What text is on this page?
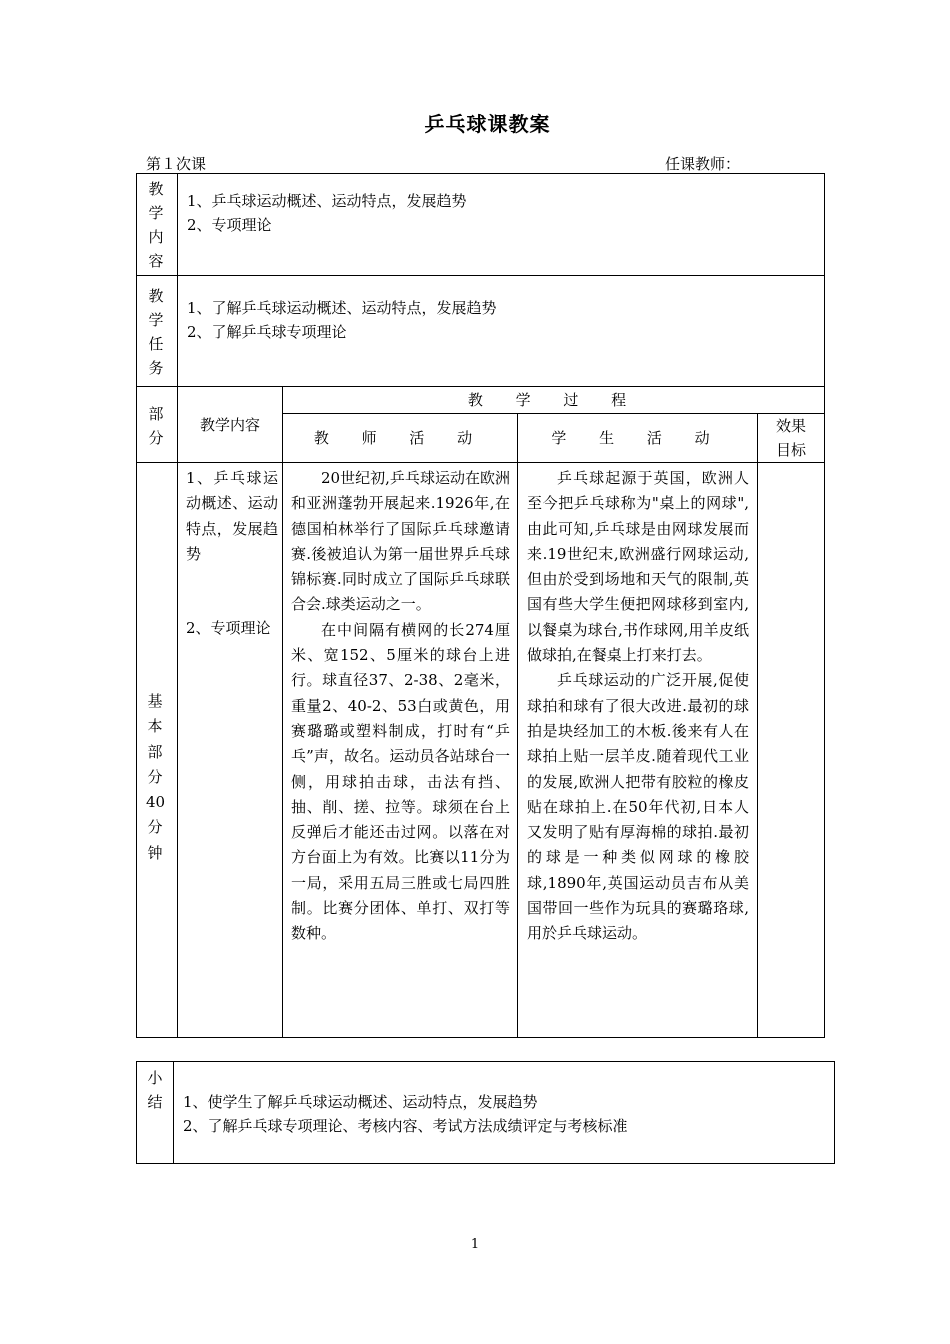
乒乓球课教案
第１次课	任课教师：
教学内容
1、乒乓球运动概述、运动特点，发展趋势
2、专项理论
教学任务
1、了解乒乓球运动概述、运动特点，发展趋势
2、了解乒乓球专项理论
部分
教学内容
教 学 过 程
教 师 活 动	学 生 活 动
效果目标
基本部分40分钟
1、乒乓球运动概述、运动特点，发展趋势
2、专项理论

20世纪初,乒乓球运动在欧洲和亚洲蓬勃开展起来.1926年,在德国柏林举行了国际乒乓球邀请赛.後被追认为第一届世界乒乓球锦标赛.同时成立了国际乒乓球联合会.球类运动之一。

在中间隔有横网的长274厘米、宽152、5厘米的球台上进行。球直径37、2-38、2毫米，重量2、40-2、53白或黄色，用赛璐璐或塑料制成，打时有“乒乓”声，故名。运动员各站球台一侧，用球拍击球，击法有挡、抽、削、搓、拉等。球须在台上反弹后才能还击过网。以落在对方台面上为有效。比赛以11分为一局，采用五局三胜或七局四胜制。比赛分团体、单打、双打等数种。

乒乓球起源于英国，欧洲人至今把乒乓球称为"桌上的网球",由此可知,乒乓球是由网球发展而来.19世纪末,欧洲盛行网球运动,但由於受到场地和天气的限制,英国有些大学生便把网球移到室内,以餐桌为球台,书作球网,用羊皮纸做球拍,在餐桌上打来打去。

乒乓球运动的广泛开展,促使球拍和球有了很大改进.最初的球拍是块经加工的木板.後来有人在球拍上贴一层羊皮.随着现代工业的发展,欧洲人把带有胶粒的橡皮贴在球拍上.在50年代初,日本人又发明了贴有厚海棉的球拍.最初的球是一种类似网球的橡胶球,1890年,英国运动员吉布从美国带回一些作为玩具的赛璐珞球,用於乒乓球运动。

小结 1、使学生了解乒乓球运动概述、运动特点，发展趋势
2、了解乒乓球专项理论、考核内容、考试方法成绩评定与考核标准
1
